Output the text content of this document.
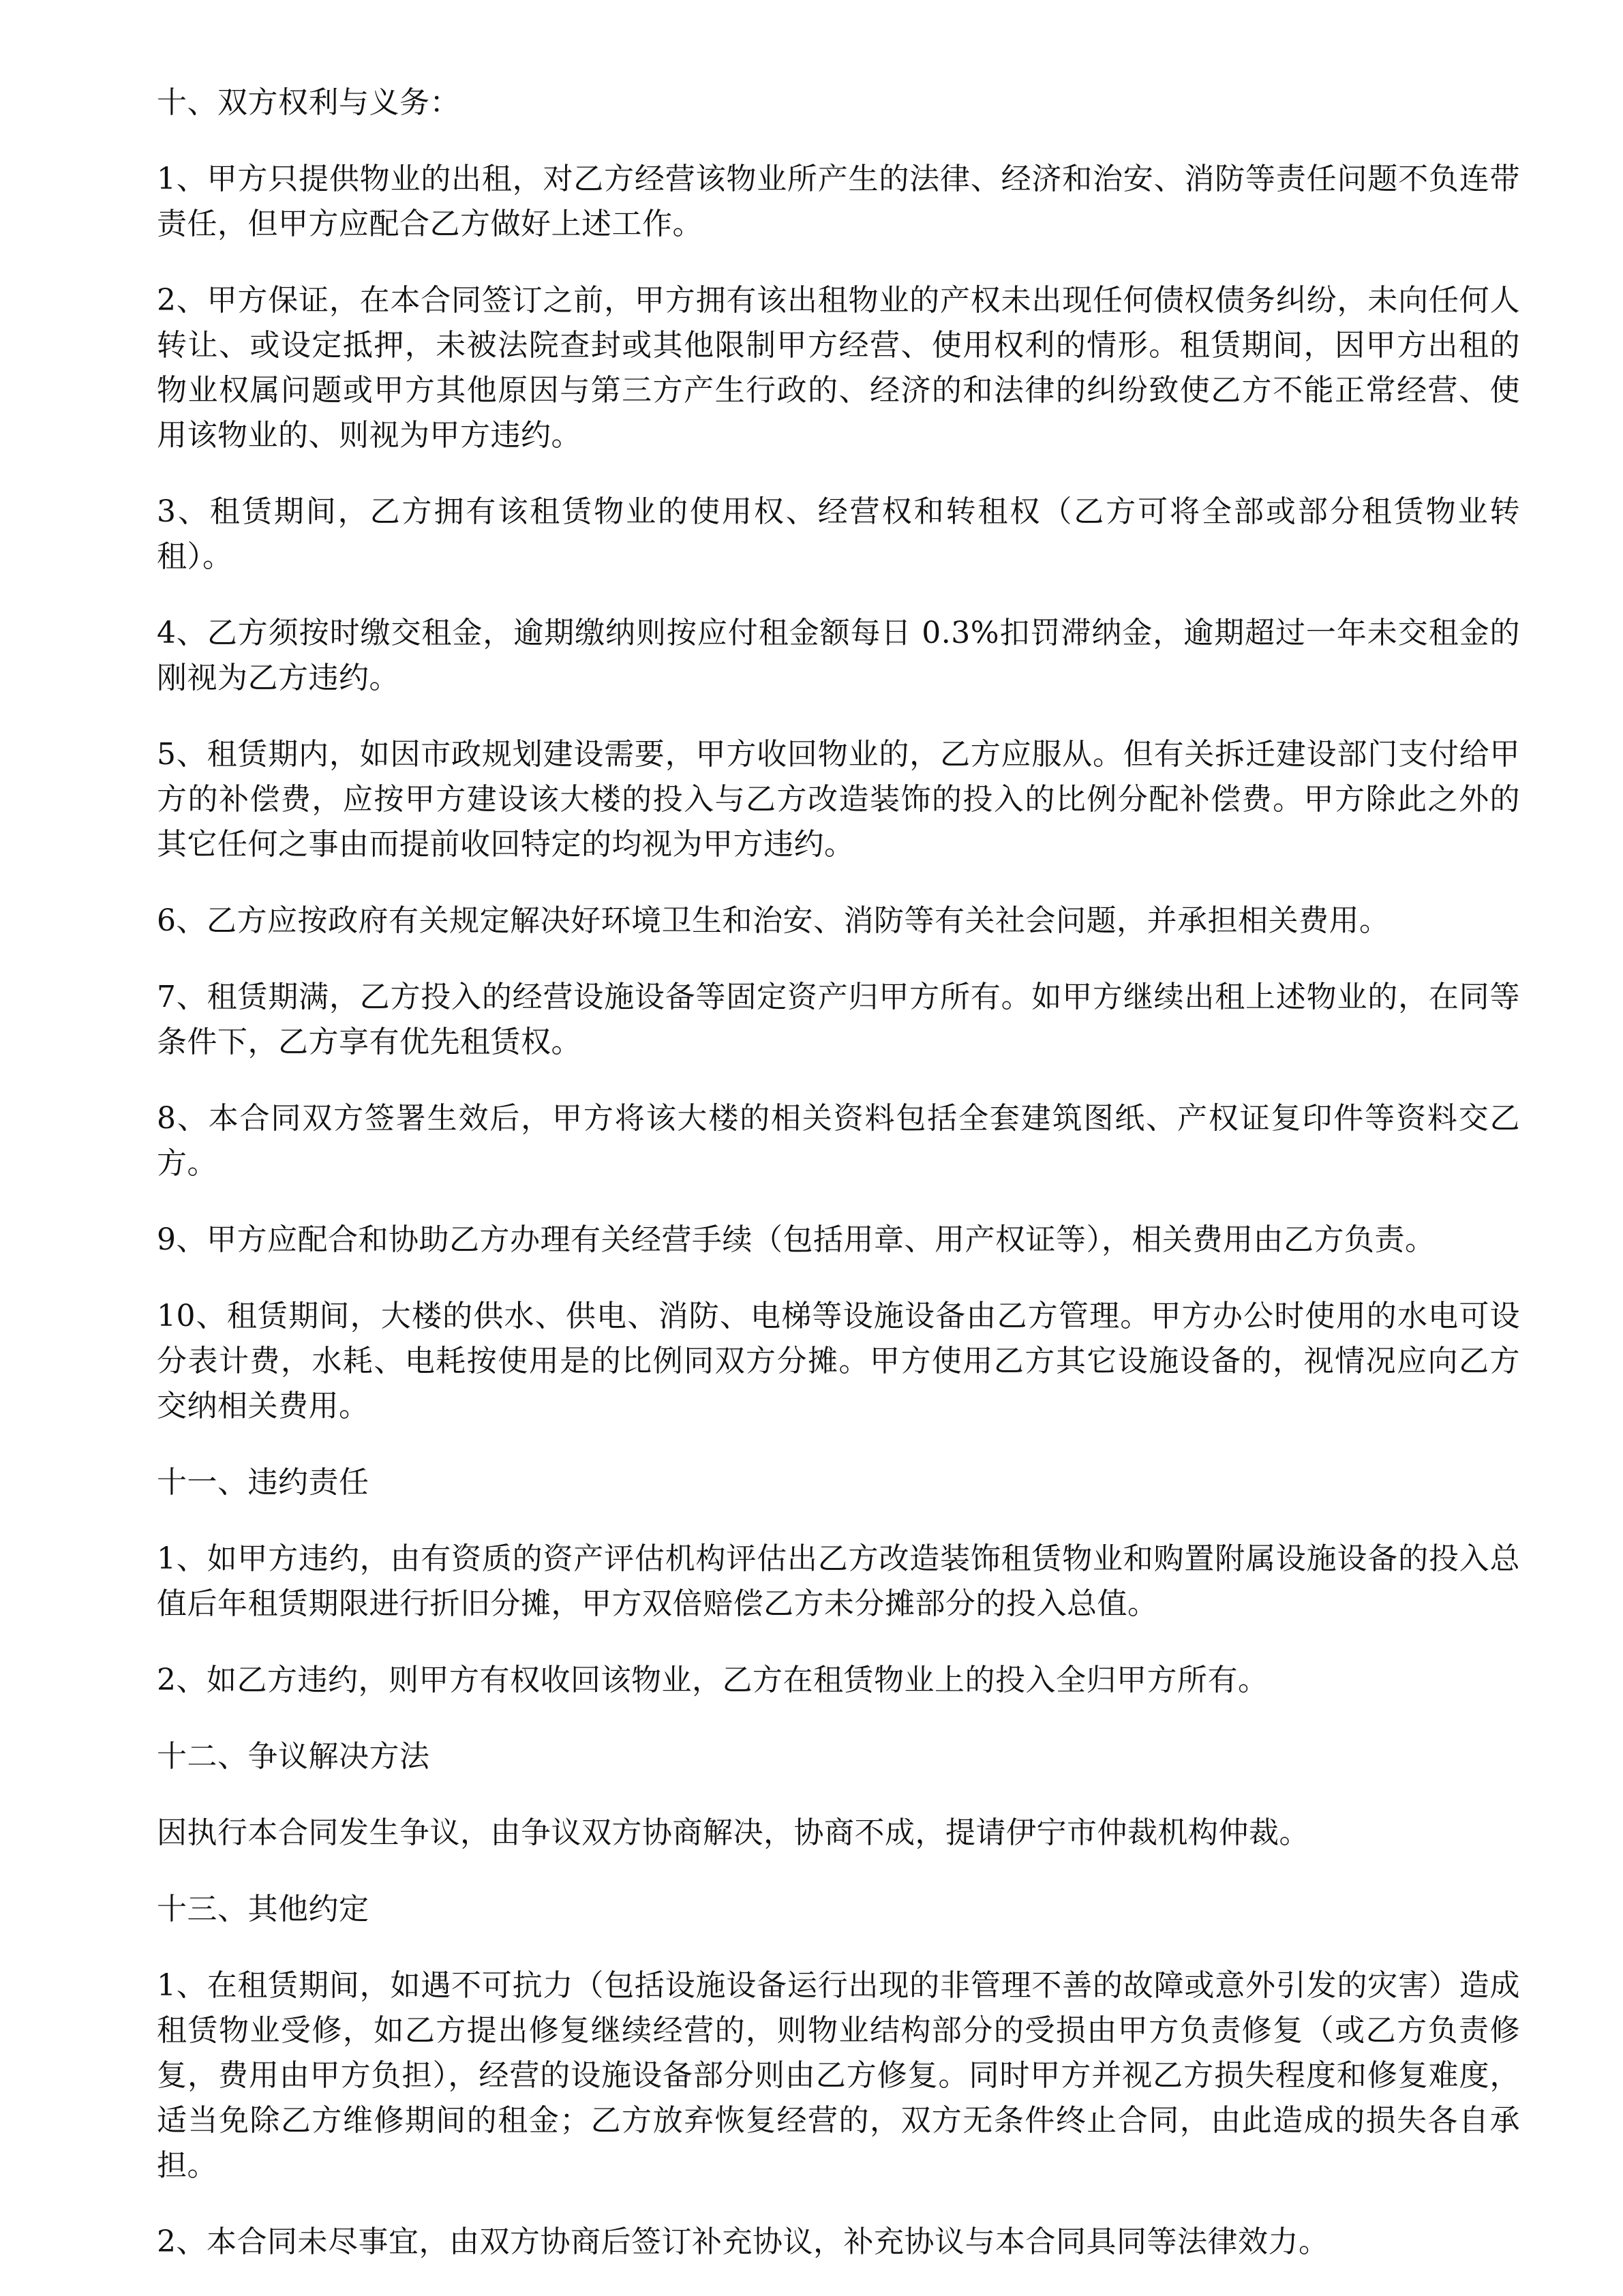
十、双方权利与义务：

1、甲方只提供物业的出租，对乙方经营该物业所产生的法律、经济和治安、消防等责任问题不负连带责任，但甲方应配合乙方做好上述工作。

2、甲方保证，在本合同签订之前，甲方拥有该出租物业的产权未出现任何债权债务纠纷，未向任何人转让、或设定抵押，未被法院查封或其他限制甲方经营、使用权利的情形。租赁期间，因甲方出租的物业权属问题或甲方其他原因与第三方产生行政的、经济的和法律的纠纷致使乙方不能正常经营、使用该物业的、则视为甲方违约。

3、租赁期间，乙方拥有该租赁物业的使用权、经营权和转租权（乙方可将全部或部分租赁物业转租）。

4、乙方须按时缴交租金，逾期缴纳则按应付租金额每日 0.3%扣罚滞纳金，逾期超过一年未交租金的刚视为乙方违约。

5、租赁期内，如因市政规划建设需要，甲方收回物业的，乙方应服从。但有关拆迁建设部门支付给甲方的补偿费，应按甲方建设该大楼的投入与乙方改造装饰的投入的比例分配补偿费。甲方除此之外的其它任何之事由而提前收回特定的均视为甲方违约。

6、乙方应按政府有关规定解决好环境卫生和治安、消防等有关社会问题，并承担相关费用。

7、租赁期满，乙方投入的经营设施设备等固定资产归甲方所有。如甲方继续出租上述物业的，在同等条件下，乙方享有优先租赁权。

8、本合同双方签署生效后，甲方将该大楼的相关资料包括全套建筑图纸、产权证复印件等资料交乙方。

9、甲方应配合和协助乙方办理有关经营手续（包括用章、用产权证等），相关费用由乙方负责。

10、租赁期间，大楼的供水、供电、消防、电梯等设施设备由乙方管理。甲方办公时使用的水电可设分表计费，水耗、电耗按使用是的比例同双方分摊。甲方使用乙方其它设施设备的，视情况应向乙方交纳相关费用。

十一、违约责任

1、如甲方违约，由有资质的资产评估机构评估出乙方改造装饰租赁物业和购置附属设施设备的投入总值后年租赁期限进行折旧分摊，甲方双倍赔偿乙方未分摊部分的投入总值。

2、如乙方违约，则甲方有权收回该物业，乙方在租赁物业上的投入全归甲方所有。

十二、争议解决方法

因执行本合同发生争议，由争议双方协商解决，协商不成，提请伊宁市仲裁机构仲裁。

十三、其他约定

1、在租赁期间，如遇不可抗力（包括设施设备运行出现的非管理不善的故障或意外引发的灾害）造成租赁物业受修，如乙方提出修复继续经营的，则物业结构部分的受损由甲方负责修复（或乙方负责修复，费用由甲方负担），经营的设施设备部分则由乙方修复。同时甲方并视乙方损失程度和修复难度，适当免除乙方维修期间的租金；乙方放弃恢复经营的，双方无条件终止合同，由此造成的损失各自承担。

2、本合同未尽事宜，由双方协商后签订补充协议，补充协议与本合同具同等法律效力。
